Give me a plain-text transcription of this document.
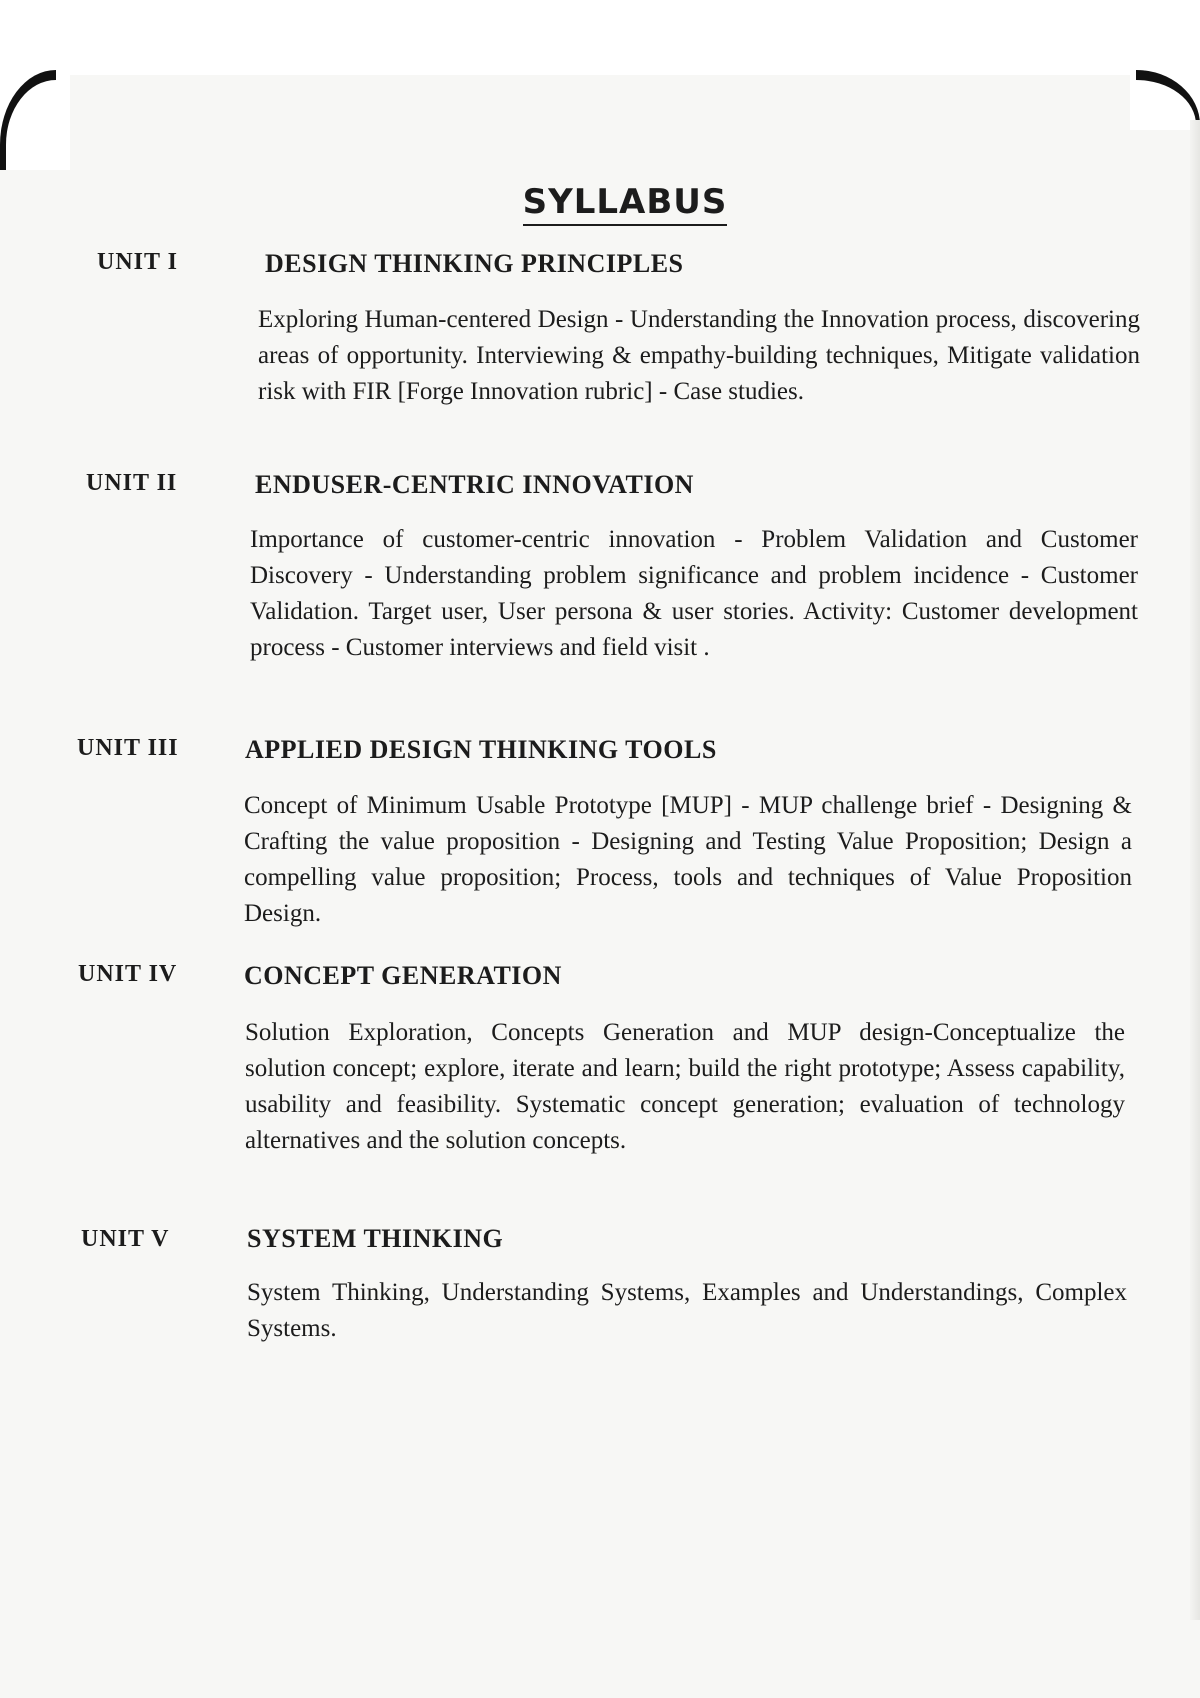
SYLLABUS
UNIT I	DESIGN THINKING PRINCIPLES
Exploring Human-centered Design - Understanding the Innovation process, discovering areas of opportunity. Interviewing & empathy-building techniques, Mitigate validation risk with FIR [Forge Innovation rubric] - Case studies.
UNIT II	ENDUSER-CENTRIC INNOVATION
Importance of customer-centric innovation - Problem Validation and Customer Discovery - Understanding problem significance and problem incidence - Customer Validation. Target user, User persona & user stories. Activity: Customer development process - Customer interviews and field visit .
UNIT III	APPLIED DESIGN THINKING TOOLS
Concept of Minimum Usable Prototype [MUP] - MUP challenge brief - Designing & Crafting the value proposition - Designing and Testing Value Proposition; Design a compelling value proposition; Process, tools and techniques of Value Proposition Design.
UNIT IV	CONCEPT GENERATION
Solution Exploration, Concepts Generation and MUP design-Conceptualize the solution concept; explore, iterate and learn; build the right prototype; Assess capability, usability and feasibility. Systematic concept generation; evaluation of technology alternatives and the solution concepts.
UNIT V	SYSTEM THINKING
System Thinking, Understanding Systems, Examples and Understandings, Complex Systems.
